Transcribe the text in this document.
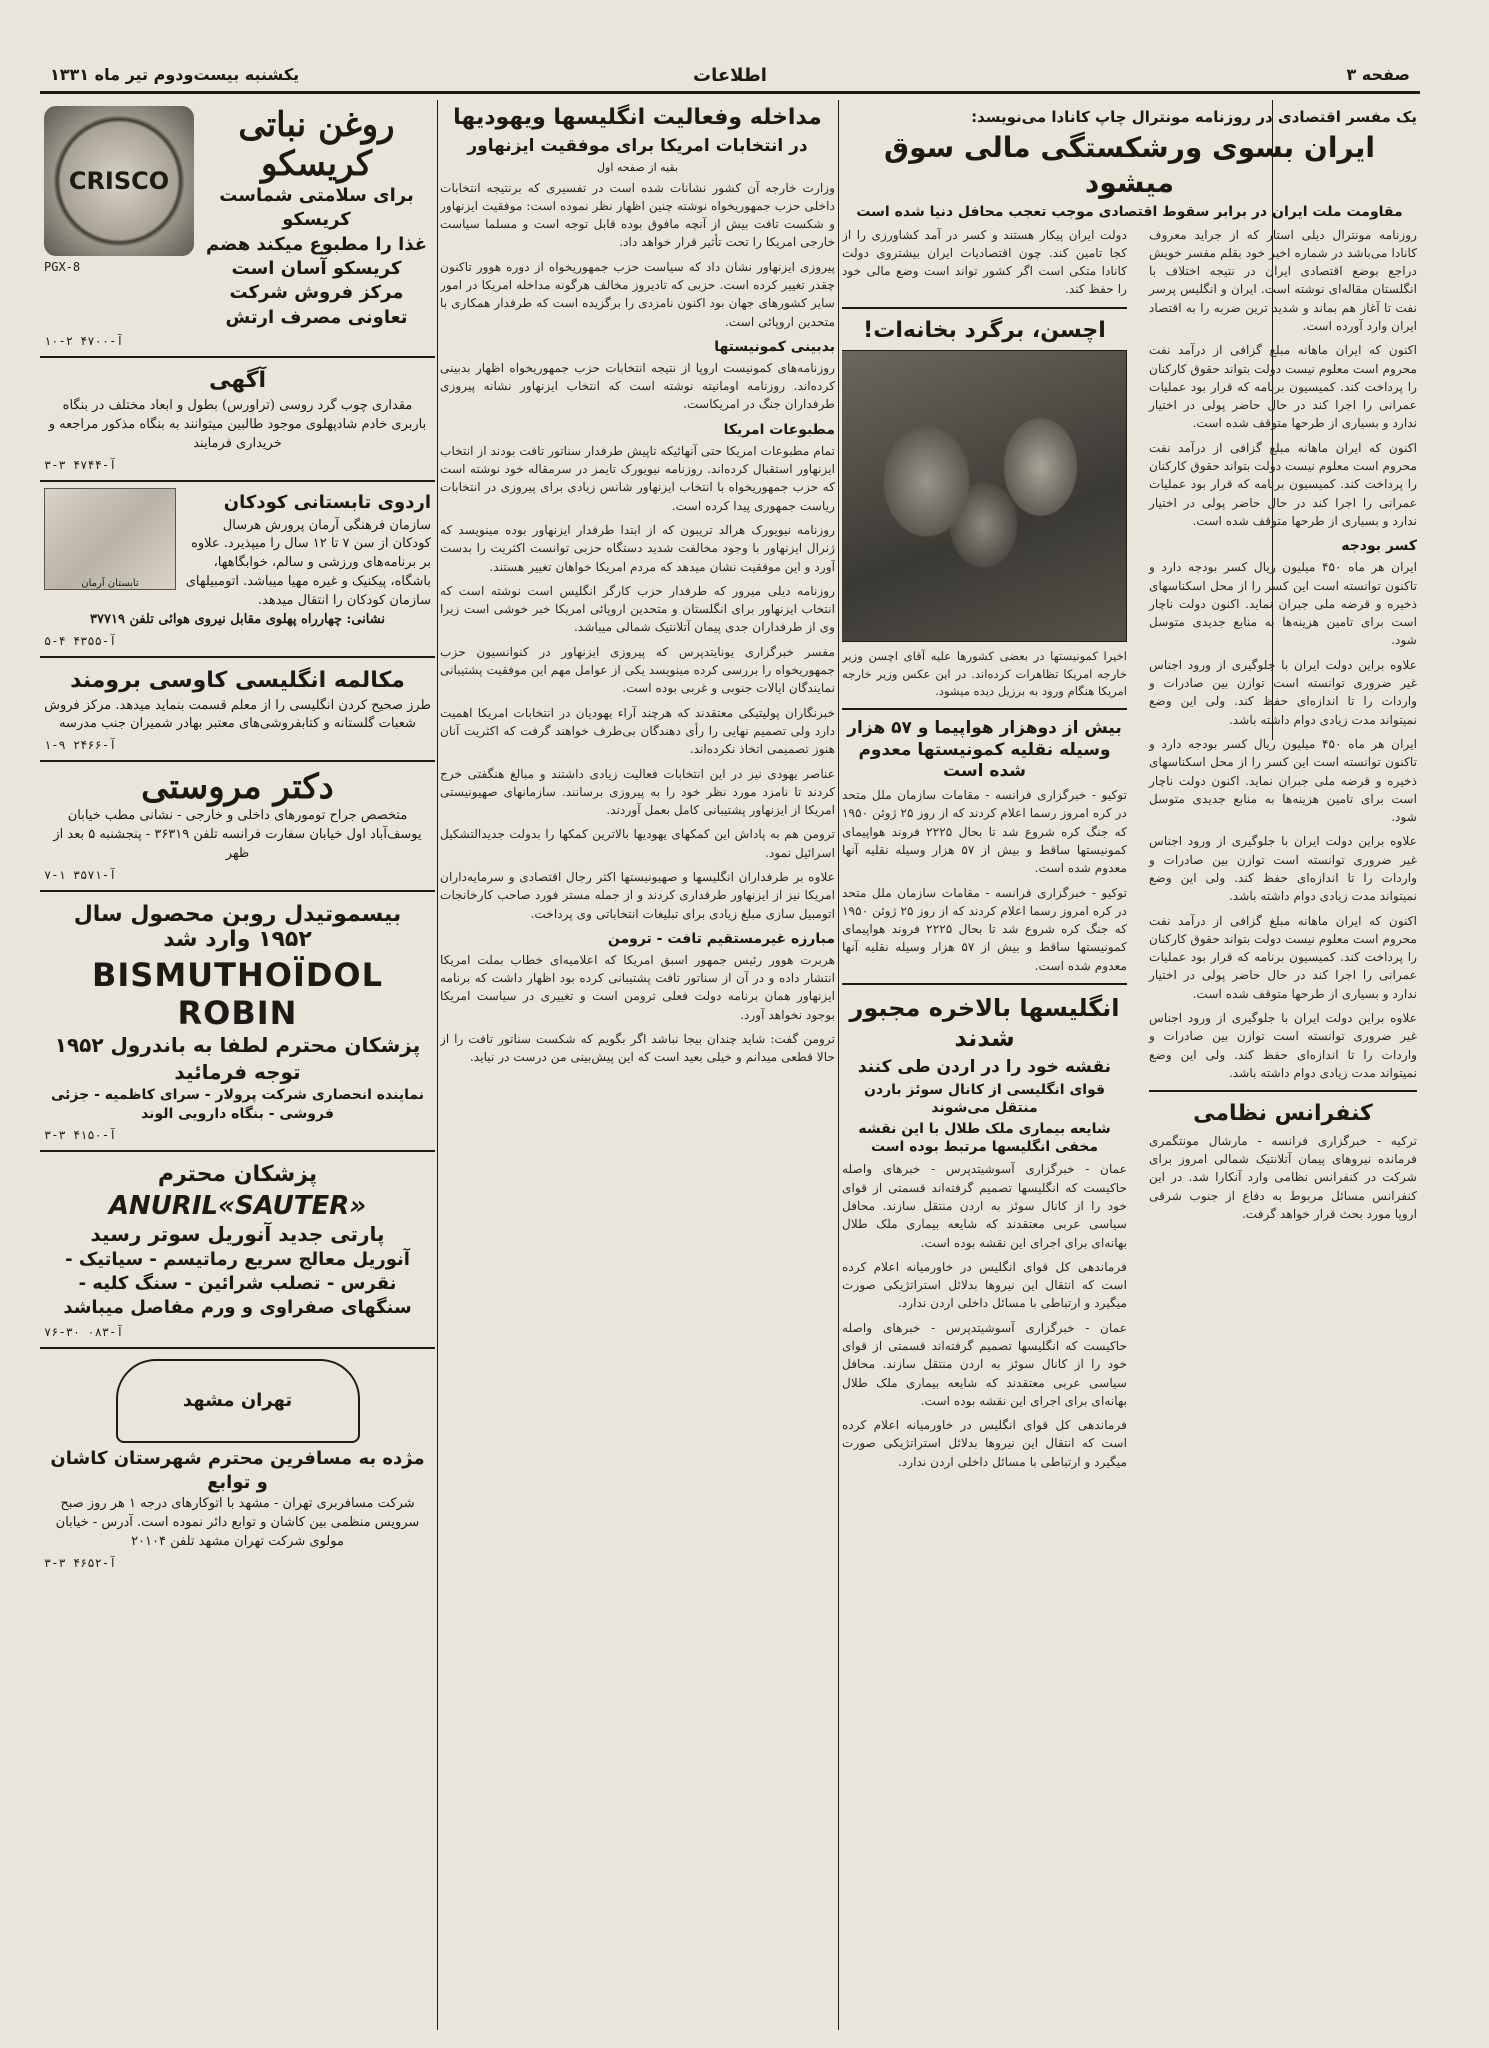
صفحه ۳
اطلاعات
یکشنبه بیست‌ودوم تیر ماه ۱۳۳۱
یک مفسر اقتصادی در روزنامه مونترال چاپ کانادا می‌نویسد:
ایران بسوی ورشکستگی مالی سوق میشود
مقاومت ملت ایران در برابر سقوط اقتصادی موجب تعجب محافل دنیا شده است

روزنامه مونترال دیلی استار که از جراید معروف کانادا می‌باشد در شماره اخیر خود بقلم مفسر خویش دراجع بوضع اقتصادی ایران در نتیجه اختلاف با انگلستان مقاله‌ای نوشته است. ایران و انگلیس پرسر نفت تا آغاز هم بماند و شدید ترین ضربه را به اقتصاد ایران وارد آورده است.

اکنون که ایران ماهانه مبلغ گزافی از درآمد نفت محروم است معلوم نیست دولت بتواند حقوق کارکنان را پرداخت کند. کمیسیون برنامه که قرار بود عملیات عمرانی را اجرا کند در حال حاضر پولی در اختیار ندارد و بسیاری از طرحها متوقف شده است.

اکنون که ایران ماهانه مبلغ گزافی از درآمد نفت محروم است معلوم نیست دولت بتواند حقوق کارکنان را پرداخت کند. کمیسیون برنامه که قرار بود عملیات عمرانی را اجرا کند در حال حاضر پولی در اختیار ندارد و بسیاری از طرحها متوقف شده است.

کسر بودجه

ایران هر ماه ۴۵۰ میلیون ریال کسر بودجه دارد و تاکنون توانسته است این کسر را از محل اسکناسهای ذخیره و قرضه ملی جبران نماید. اکنون دولت ناچار است برای تامین هزینه‌ها به منابع جدیدی متوسل شود.

علاوه براین دولت ایران با جلوگیری از ورود اجناس غیر ضروری توانسته است توازن بین صادرات و واردات را تا اندازه‌ای حفظ کند. ولی این وضع نمیتواند مدت زیادی دوام داشته باشد.

ایران هر ماه ۴۵۰ میلیون ریال کسر بودجه دارد و تاکنون توانسته است این کسر را از محل اسکناسهای ذخیره و قرضه ملی جبران نماید. اکنون دولت ناچار است برای تامین هزینه‌ها به منابع جدیدی متوسل شود.

علاوه براین دولت ایران با جلوگیری از ورود اجناس غیر ضروری توانسته است توازن بین صادرات و واردات را تا اندازه‌ای حفظ کند. ولی این وضع نمیتواند مدت زیادی دوام داشته باشد.

اکنون که ایران ماهانه مبلغ گزافی از درآمد نفت محروم است معلوم نیست دولت بتواند حقوق کارکنان را پرداخت کند. کمیسیون برنامه که قرار بود عملیات عمرانی را اجرا کند در حال حاضر پولی در اختیار ندارد و بسیاری از طرحها متوقف شده است.

علاوه براین دولت ایران با جلوگیری از ورود اجناس غیر ضروری توانسته است توازن بین صادرات و واردات را تا اندازه‌ای حفظ کند. ولی این وضع نمیتواند مدت زیادی دوام داشته باشد.

کنفرانس نظامی

ترکیه - خبرگزاری فرانسه - مارشال مونتگمری فرمانده نیروهای پیمان آتلانتیک شمالی امروز برای شرکت در کنفرانس نظامی وارد آنکارا شد. در این کنفرانس مسائل مربوط به دفاع از جنوب شرقی اروپا مورد بحث قرار خواهد گرفت.

دولت ایران پیکار هستند و کسر در آمد کشاورزی را از کجا تامین کند. چون اقتصادیات ایران بیشتروی دولت کانادا متکی است اگر کشور تواند است وضع مالی خود را حفظ کند.

اچسن، برگرد بخانه‌ات!

اخیرا کمونیستها در بعضی کشورها علیه آقای اچسن وزیر خارجه امریکا تظاهرات کرده‌اند. در این عکس وزیر خارجه امریکا هنگام ورود به برزیل دیده میشود.

بیش از دوهزار هواپیما و ۵۷ هزار وسیله نقلیه کمونیستها معدوم شده است

توکیو - خبرگزاری فرانسه - مقامات سازمان ملل متحد در کره امروز رسما اعلام کردند که از روز ۲۵ ژوئن ۱۹۵۰ که جنگ کره شروع شد تا بحال ۲۲۲۵ فروند هواپیمای کمونیستها ساقط و بیش از ۵۷ هزار وسیله نقلیه آنها معدوم شده است.

توکیو - خبرگزاری فرانسه - مقامات سازمان ملل متحد در کره امروز رسما اعلام کردند که از روز ۲۵ ژوئن ۱۹۵۰ که جنگ کره شروع شد تا بحال ۲۲۲۵ فروند هواپیمای کمونیستها ساقط و بیش از ۵۷ هزار وسیله نقلیه آنها معدوم شده است.

انگلیسها بالاخره مجبور شدند
نقشه خود را در اردن طی کنند
قوای انگلیسی از کانال سوئز باردن منتقل می‌شوند
شایعه بیماری ملک طلال با این نقشه مخفی انگلیسها مرتبط بوده است

عمان - خبرگزاری آسوشیتدپرس - خبرهای واصله حاکیست که انگلیسها تصمیم گرفته‌اند قسمتی از قوای خود را از کانال سوئز به اردن منتقل سازند. محافل سیاسی عربی معتقدند که شایعه بیماری ملک طلال بهانه‌ای برای اجرای این نقشه بوده است.

فرماندهی کل قوای انگلیس در خاورمیانه اعلام کرده است که انتقال این نیروها بدلائل استراتژیکی صورت میگیرد و ارتباطی با مسائل داخلی اردن ندارد.

عمان - خبرگزاری آسوشیتدپرس - خبرهای واصله حاکیست که انگلیسها تصمیم گرفته‌اند قسمتی از قوای خود را از کانال سوئز به اردن منتقل سازند. محافل سیاسی عربی معتقدند که شایعه بیماری ملک طلال بهانه‌ای برای اجرای این نقشه بوده است.

فرماندهی کل قوای انگلیس در خاورمیانه اعلام کرده است که انتقال این نیروها بدلائل استراتژیکی صورت میگیرد و ارتباطی با مسائل داخلی اردن ندارد.

مداخله وفعالیت انگلیسها ویهودیها
در انتخابات امریکا برای موفقیت ایزنهاور
بقیه از صفحه اول

وزارت خارجه آن کشور نشانات شده است در تفسیری که برنتیجه انتخابات داخلی حزب جمهوریخواه نوشته چنین اظهار نظر نموده است: موفقیت ایزنهاور و شکست تافت بیش از آنچه مافوق بوده قابل توجه است و مسلما سیاست خارجی امریکا را تحت تأثیر قرار خواهد داد.

پیروزی ایزنهاور نشان داد که سیاست حزب جمهوریخواه از دوره هوور تاکنون چقدر تغییر کرده است. حزبی که تادیروز مخالف هرگونه مداخله امریکا در امور سایر کشورهای جهان بود اکنون نامزدی را برگزیده است که طرفدار همکاری با متحدین اروپائی است.

بدبینی کمونیستها

روزنامه‌های کمونیست اروپا از نتیجه انتخابات حزب جمهوریخواه اظهار بدبینی کرده‌اند. روزنامه اومانیته نوشته است که انتخاب ایزنهاور نشانه پیروزی طرفداران جنگ در امریکاست.

مطبوعات امریکا

تمام مطبوعات امریکا حتی آنهائیکه تاپیش طرفدار سناتور تافت بودند از انتخاب ایزنهاور استقبال کرده‌اند. روزنامه نیویورک تایمز در سرمقاله خود نوشته است که حزب جمهوریخواه با انتخاب ایزنهاور شانس زیادی برای پیروزی در انتخابات ریاست جمهوری پیدا کرده است.

روزنامه نیویورک هرالد تریبون که از ابتدا طرفدار ایزنهاور بوده مینویسد که ژنرال ایزنهاور با وجود مخالفت شدید دستگاه حزبی توانست اکثریت را بدست آورد و این موفقیت نشان میدهد که مردم امریکا خواهان تغییر هستند.

روزنامه دیلی میرور که طرفدار حزب کارگر انگلیس است نوشته است که انتخاب ایزنهاور برای انگلستان و متحدین اروپائی امریکا خبر خوشی است زیرا وی از طرفداران جدی پیمان آتلانتیک شمالی میباشد.

مفسر خبرگزاری یونایتدپرس که پیروزی ایزنهاور در کنوانسیون حزب جمهوریخواه را بررسی کرده مینویسد یکی از عوامل مهم این موفقیت پشتیبانی نمایندگان ایالات جنوبی و غربی بوده است.

خبرنگاران پولیتیکی معتقدند که هرچند آراء یهودیان در انتخابات امریکا اهمیت دارد ولی تصمیم نهایی را رأی دهندگان بی‌طرف خواهند گرفت که اکثریت آنان هنوز تصمیمی اتخاذ نکرده‌اند.

عناصر یهودی نیز در این انتخابات فعالیت زیادی داشتند و مبالغ هنگفتی خرج کردند تا نامزد مورد نظر خود را به پیروزی برسانند. سازمانهای صهیونیستی امریکا از ایزنهاور پشتیبانی کامل بعمل آوردند.

ترومن هم به پاداش این کمکهای یهودیها بالاترین کمکها را بدولت جدیدالتشکیل اسرائیل نمود.

علاوه بر طرفداران انگلیسها و صهیونیستها اکثر رجال اقتصادی و سرمایه‌داران امریکا نیز از ایزنهاور طرفداری کردند و از جمله مستر فورد صاحب کارخانجات اتومبیل سازی مبلغ زیادی برای تبلیغات انتخاباتی وی پرداخت.

مبارزه غیرمستقیم تافت - ترومن

هربرت هوور رئیس جمهور اسبق امریکا که اعلامیه‌ای خطاب بملت امریکا انتشار داده و در آن از سناتور تافت پشتیبانی کرده بود اظهار داشت که برنامه ایزنهاور همان برنامه دولت فعلی ترومن است و تغییری در سیاست امریکا بوجود نخواهد آورد.

ترومن گفت: شاید چندان بیجا نباشد اگر بگویم که شکست سناتور تافت را از حالا قطعی میدانم و خیلی بعید است که این پیش‌بینی من درست در نیاید.

روغن نباتی کریسکو
برای سلامتی شماست کریسکو
غذا را مطبوع میکند هضم کریسکو آسان است
مرکز فروش شرکت تعاونی مصرف ارتش
CRISCO
PGX-8
آ-۴۷۰۰ ۲-۱۰
آگهی
مقداری چوب گرد روسی (تراورس) بطول و ابعاد مختلف در بنگاه باربری خادم شادپهلوی موجود طالبین میتوانند به بنگاه مذکور مراجعه و خریداری فرمایند
آ-۴۷۴۴ ۳-۳
اردوی تابستانی کودکان
سازمان فرهنگی آرمان پرورش هرسال کودکان از سن ۷ تا ۱۲ سال را میپذیرد. علاوه بر برنامه‌های ورزشی و سالم، خوابگاهها، باشگاه، پیکنیک و غیره مهیا میباشد. اتومبیلهای سازمان کودکان را انتقال میدهد.
تابستان آرمان
نشانی: چهارراه پهلوی مقابل نیروی هوائی تلفن ۳۷۷۱۹
آ-۴۳۵۵ ۴-۵
مکالمه انگلیسی کاوسی برومند
طرز صحیح کردن انگلیسی را از معلم قسمت بنماید میدهد. مرکز فروش شعبات گلستانه و کتابفروشی‌های معتبر بهادر شمیران جنب مدرسه
آ-۲۴۶۶ ۹-۱
دکتر مروستی
متخصص جراح تومورهای داخلی و خارجی - نشانی مطب خیابان یوسف‌آباد اول خیابان سفارت فرانسه تلفن ۳۶۳۱۹ - پنجشنبه ۵ بعد از ظهر
آ-۳۵۷۱ ۱-۷
بیسموتیدل روبن محصول سال ۱۹۵۲ وارد شد
BISMUTHOÏDOL ROBIN
پزشکان محترم لطفا به باندرول ۱۹۵۲ توجه فرمائید
نماینده انحصاری شرکت پرولار - سرای کاظمیه - جزئی فروشی - بنگاه دارویی الوند
آ-۴۱۵۰ ۳-۳
پزشکان محترم
ANURIL«SAUTER»
پارتی جدید آنوریل سوتر رسید
آنوریل معالج سریع رماتیسم - سیاتیک - نقرس - تصلب شرائین - سنگ کلیه - سنگهای صفراوی و ورم مفاصل میباشد
آ-۰۸۳ ۳۰-۷۶
تهران مشهد
مژده به مسافرین محترم شهرستان کاشان و توابع
شرکت مسافربری تهران - مشهد با اتوکارهای درجه ۱ هر روز صبح سرویس منظمی بین کاشان و توابع دائر نموده است. آدرس - خیابان مولوی شرکت تهران مشهد تلفن ۲۰۱۰۴
آ-۴۶۵۲ ۳-۳
